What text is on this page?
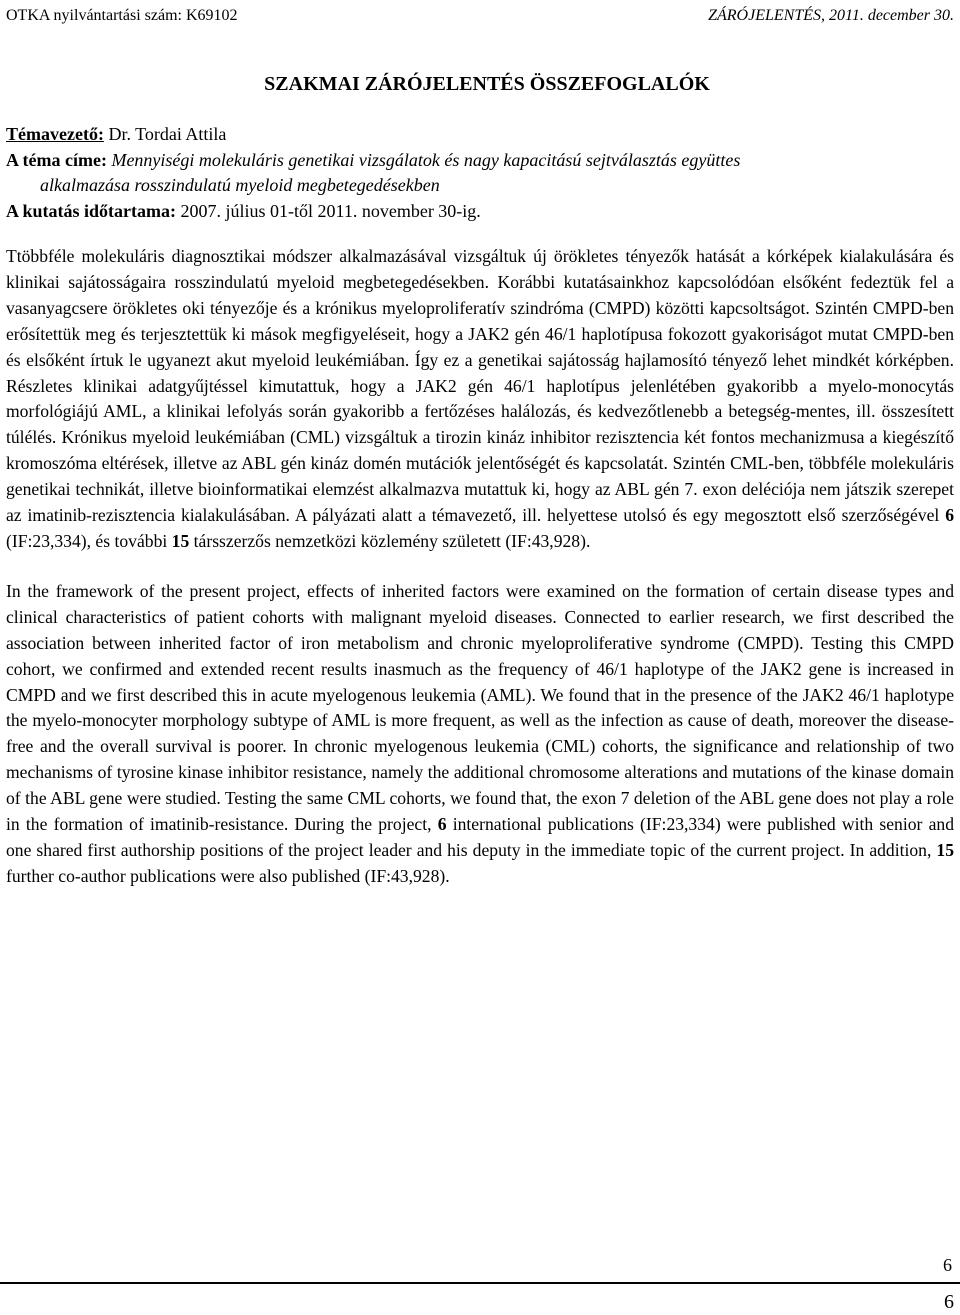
OTKA nyilvántartási szám: K69102	ZÁRÓJELENTÉS, 2011. december 30.
SZAKMAI ZÁRÓJELENTÉS ÖSSZEFOGLALÓK

Témavezető: Dr. Tordai Attila

A téma címe: Mennyiségi molekuláris genetikai vizsgálatok és nagy kapacitású sejtválasztás együttes

alkalmazása rosszindulatú myeloid megbetegedésekben

A kutatás időtartama: 2007. július 01-től 2011. november 30-ig.

Ttöbbféle molekuláris diagnosztikai módszer alkalmazásával vizsgáltuk új örökletes tényezők hatását a kórképek kialakulására és klinikai sajátosságaira rosszindulatú myeloid megbetegedésekben. Korábbi kutatásainkhoz kapcsolódóan elsőként fedeztük fel a vasanyagcsere örökletes oki tényezője és a krónikus myeloproliferatív szindróma (CMPD) közötti kapcsoltságot. Szintén CMPD-ben erősítettük meg és terjesztettük ki mások megfigyeléseit, hogy a JAK2 gén 46/1 haplotípusa fokozott gyakoriságot mutat CMPD-ben és elsőként írtuk le ugyanezt akut myeloid leukémiában. Így ez a genetikai sajátosság hajlamosító tényező lehet mindkét kórképben. Részletes klinikai adatgyűjtéssel kimutattuk, hogy a JAK2 gén 46/1 haplotípus jelenlétében gyakoribb a myelo-monocytás morfológiájú AML, a klinikai lefolyás során gyakoribb a fertőzéses halálozás, és kedvezőtlenebb a betegség-mentes, ill. összesített túlélés. Krónikus myeloid leukémiában (CML) vizsgáltuk a tirozin kináz inhibitor rezisztencia két fontos mechanizmusa a kiegészítő kromoszóma eltérések, illetve az ABL gén kináz domén mutációk jelentőségét és kapcsolatát. Szintén CML-ben, többféle molekuláris genetikai technikát, illetve bioinformatikai elemzést alkalmazva mutattuk ki, hogy az ABL gén 7. exon deléciója nem játszik szerepet az imatinib-rezisztencia kialakulásában. A pályázati alatt a témavezető, ill. helyettese utolsó és egy megosztott első szerzőségével 6 (IF:23,334), és további 15 társszerzős nemzetközi közlemény született (IF:43,928).

In the framework of the present project, effects of inherited factors were examined on the formation of certain disease types and clinical characteristics of patient cohorts with malignant myeloid diseases. Connected to earlier research, we first described the association between inherited factor of iron metabolism and chronic myeloproliferative syndrome (CMPD). Testing this CMPD cohort, we confirmed and extended recent results inasmuch as the frequency of 46/1 haplotype of the JAK2 gene is increased in CMPD and we first described this in acute myelogenous leukemia (AML). We found that in the presence of the JAK2 46/1 haplotype the myelo-monocyter morphology subtype of AML is more frequent, as well as the infection as cause of death, moreover the disease-free and the overall survival is poorer. In chronic myelogenous leukemia (CML) cohorts, the significance and relationship of two mechanisms of tyrosine kinase inhibitor resistance, namely the additional chromosome alterations and mutations of the kinase domain of the ABL gene were studied. Testing the same CML cohorts, we found that, the exon 7 deletion of the ABL gene does not play a role in the formation of imatinib-resistance. During the project, 6 international publications (IF:23,334) were published with senior and one shared first authorship positions of the project leader and his deputy in the immediate topic of the current project. In addition, 15 further co-author publications were also published (IF:43,928).

6
6
